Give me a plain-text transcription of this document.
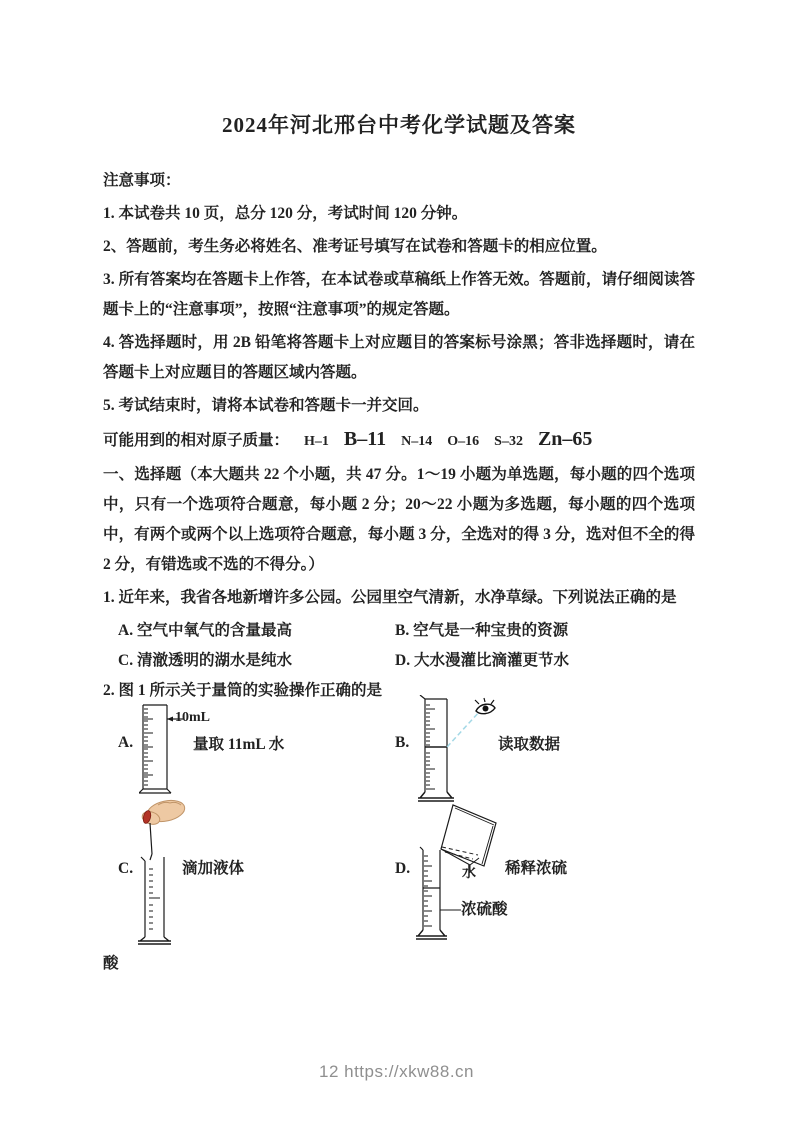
2024年河北邢台中考化学试题及答案

注意事项：

1. 本试卷共 10 页，总分 120 分，考试时间 120 分钟。

2、答题前，考生务必将姓名、准考证号填写在试卷和答题卡的相应位置。

3. 所有答案均在答题卡上作答，在本试卷或草稿纸上作答无效。答题前，请仔细阅读答题卡上的“注意事项”，按照“注意事项”的规定答题。

4. 答选择题时，用 2B 铅笔将答题卡上对应题目的答案标号涂黑；答非选择题时，请在答题卡上对应题目的答题区域内答题。

5. 考试结束时，请将本试卷和答题卡一并交回。

可能用到的相对原子质量： H–1 B–11 N–14 O–16 S–32 Zn–65

一、选择题（本大题共 22 个小题，共 47 分。1～19 小题为单选题，每小题的四个选项中，只有一个选项符合题意，每小题 2 分；20～22 小题为多选题，每小题的四个选项中，有两个或两个以上选项符合题意，每小题 3 分，全选对的得 3 分，选对但不全的得 2 分，有错选或不选的不得分。）

1. 近年来，我省各地新增许多公园。公园里空气清新，水净草绿。下列说法正确的是

A. 空气中氧气的含量最高	B. 空气是一种宝贵的资源
C. 清澈透明的湖水是纯水	D. 大水漫灌比滴灌更节水

2. 图 1 所示关于量筒的实验操作正确的是

A.
10mL
量取 11mL 水	B.	读取数据
C.	滴加液体	D.	水 稀释浓硫
浓硫酸

酸

12 https://xkw88.cn
